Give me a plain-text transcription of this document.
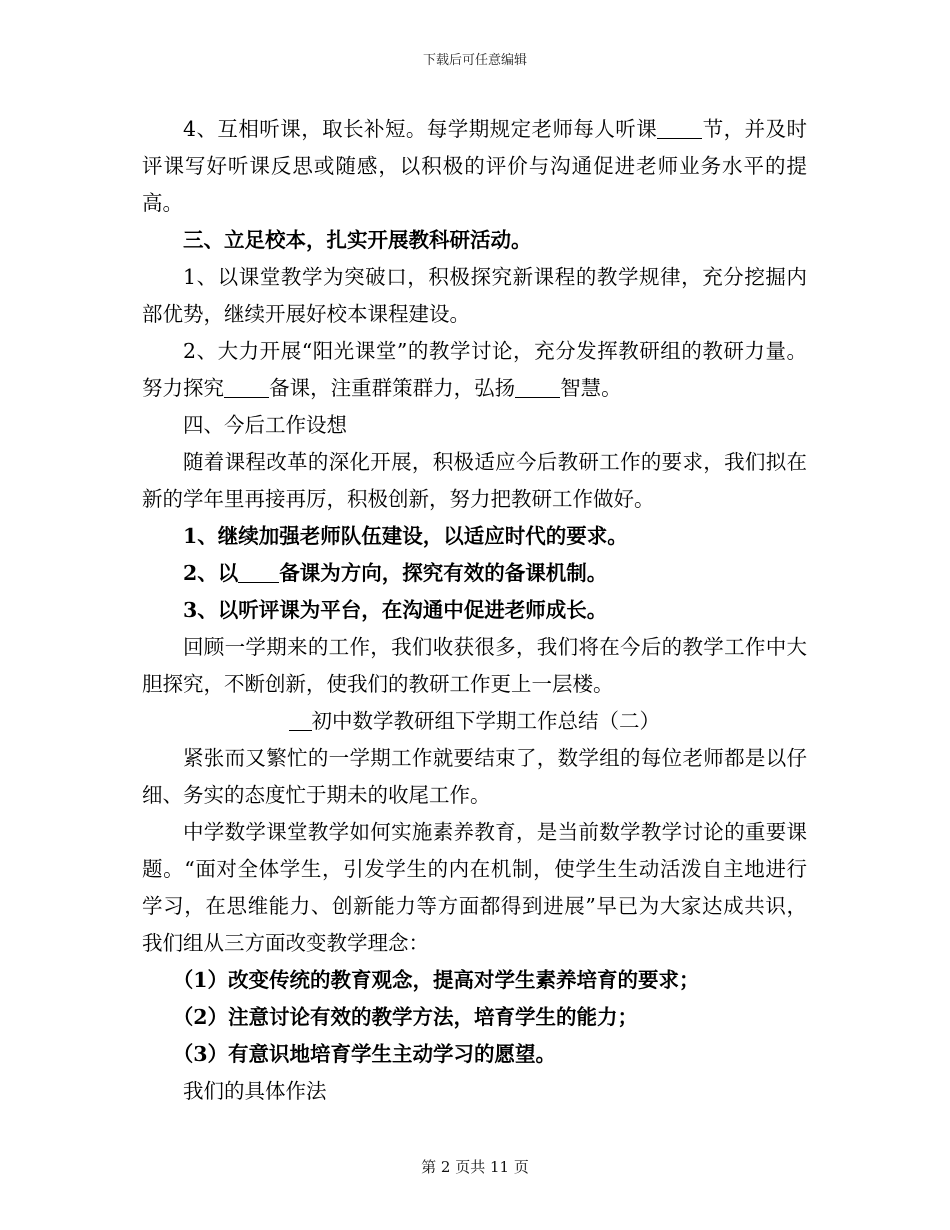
下载后可任意编辑

4、互相听课，取长补短。每学期规定老师每人听课 节，并及时评课写好听课反思或随感，以积极的评价与沟通促进老师业务水平的提高。

三、立足校本，扎实开展教科研活动。

1、以课堂教学为突破口，积极探究新课程的教学规律，充分挖掘内部优势，继续开展好校本课程建设。

2、大力开展“阳光课堂”的教学讨论，充分发挥教研组的教研力量。努力探究 备课，注重群策群力，弘扬 智慧。

四、今后工作设想

随着课程改革的深化开展，积极适应今后教研工作的要求，我们拟在新的学年里再接再厉，积极创新，努力把教研工作做好。

1、继续加强老师队伍建设，以适应时代的要求。

2、以 备课为方向，探究有效的备课机制。

3、以听评课为平台，在沟通中促进老师成长。

回顾一学期来的工作，我们收获很多，我们将在今后的教学工作中大胆探究，不断创新，使我们的教研工作更上一层楼。

初中数学教研组下学期工作总结（二）

紧张而又繁忙的一学期工作就要结束了，数学组的每位老师都是以仔细、务实的态度忙于期未的收尾工作。

中学数学课堂教学如何实施素养教育，是当前数学教学讨论的重要课题。“面对全体学生，引发学生的内在机制，使学生生动活泼自主地进行学习，在思维能力、创新能力等方面都得到进展”早已为大家达成共识，我们组从三方面改变教学理念：

（1）改变传统的教育观念，提高对学生素养培育的要求；

（2）注意讨论有效的教学方法，培育学生的能力；

（3）有意识地培育学生主动学习的愿望。

我们的具体作法

第 2 页共 11 页
